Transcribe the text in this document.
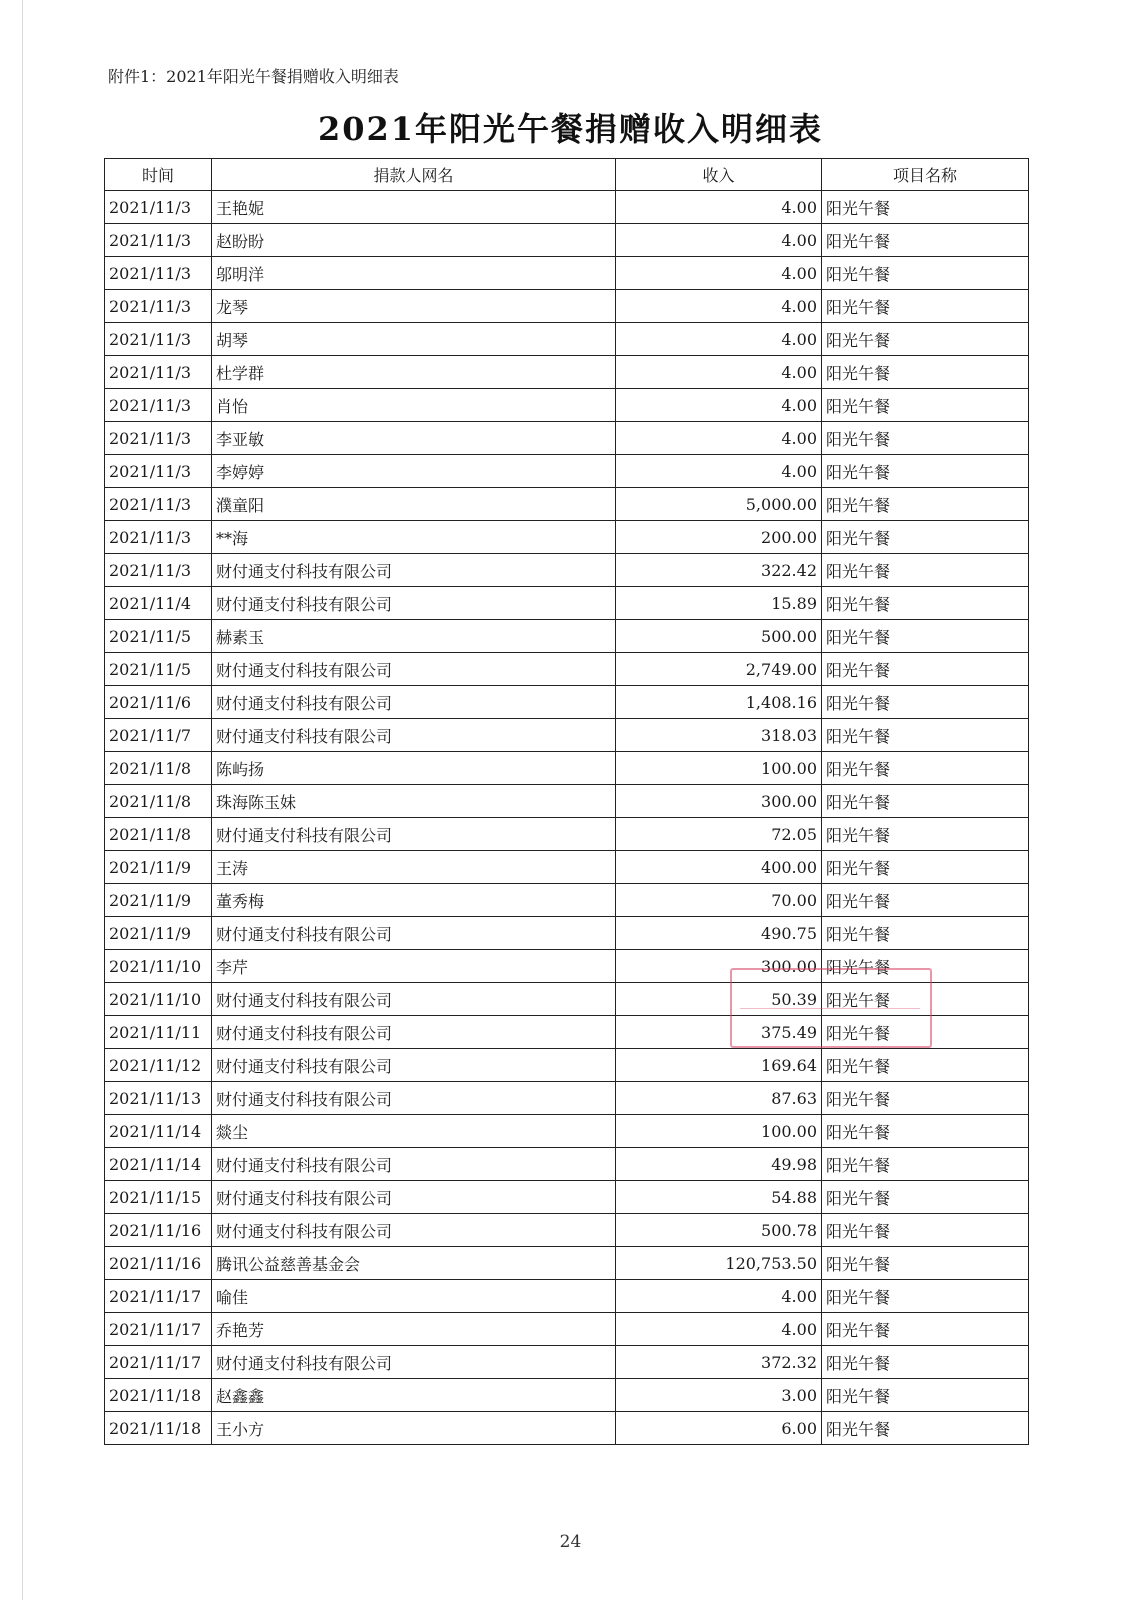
附件1：2021年阳光午餐捐赠收入明细表
2021年阳光午餐捐赠收入明细表
时间	捐款人网名	收入	项目名称
2021/11/3	王艳妮	4.00	阳光午餐
2021/11/3	赵盼盼	4.00	阳光午餐
2021/11/3	邬明洋	4.00	阳光午餐
2021/11/3	龙琴	4.00	阳光午餐
2021/11/3	胡琴	4.00	阳光午餐
2021/11/3	杜学群	4.00	阳光午餐
2021/11/3	肖怡	4.00	阳光午餐
2021/11/3	李亚敏	4.00	阳光午餐
2021/11/3	李婷婷	4.00	阳光午餐
2021/11/3	濮童阳	5,000.00	阳光午餐
2021/11/3	**海	200.00	阳光午餐
2021/11/3	财付通支付科技有限公司	322.42	阳光午餐
2021/11/4	财付通支付科技有限公司	15.89	阳光午餐
2021/11/5	赫素玉	500.00	阳光午餐
2021/11/5	财付通支付科技有限公司	2,749.00	阳光午餐
2021/11/6	财付通支付科技有限公司	1,408.16	阳光午餐
2021/11/7	财付通支付科技有限公司	318.03	阳光午餐
2021/11/8	陈屿扬	100.00	阳光午餐
2021/11/8	珠海陈玉妹	300.00	阳光午餐
2021/11/8	财付通支付科技有限公司	72.05	阳光午餐
2021/11/9	王涛	400.00	阳光午餐
2021/11/9	董秀梅	70.00	阳光午餐
2021/11/9	财付通支付科技有限公司	490.75	阳光午餐
2021/11/10	李芹	300.00	阳光午餐
2021/11/10	财付通支付科技有限公司	50.39	阳光午餐
2021/11/11	财付通支付科技有限公司	375.49	阳光午餐
2021/11/12	财付通支付科技有限公司	169.64	阳光午餐
2021/11/13	财付通支付科技有限公司	87.63	阳光午餐
2021/11/14	燚尘	100.00	阳光午餐
2021/11/14	财付通支付科技有限公司	49.98	阳光午餐
2021/11/15	财付通支付科技有限公司	54.88	阳光午餐
2021/11/16	财付通支付科技有限公司	500.78	阳光午餐
2021/11/16	腾讯公益慈善基金会	120,753.50	阳光午餐
2021/11/17	喻佳	4.00	阳光午餐
2021/11/17	乔艳芳	4.00	阳光午餐
2021/11/17	财付通支付科技有限公司	372.32	阳光午餐
2021/11/18	赵鑫鑫	3.00	阳光午餐
2021/11/18	王小方	6.00	阳光午餐
24
